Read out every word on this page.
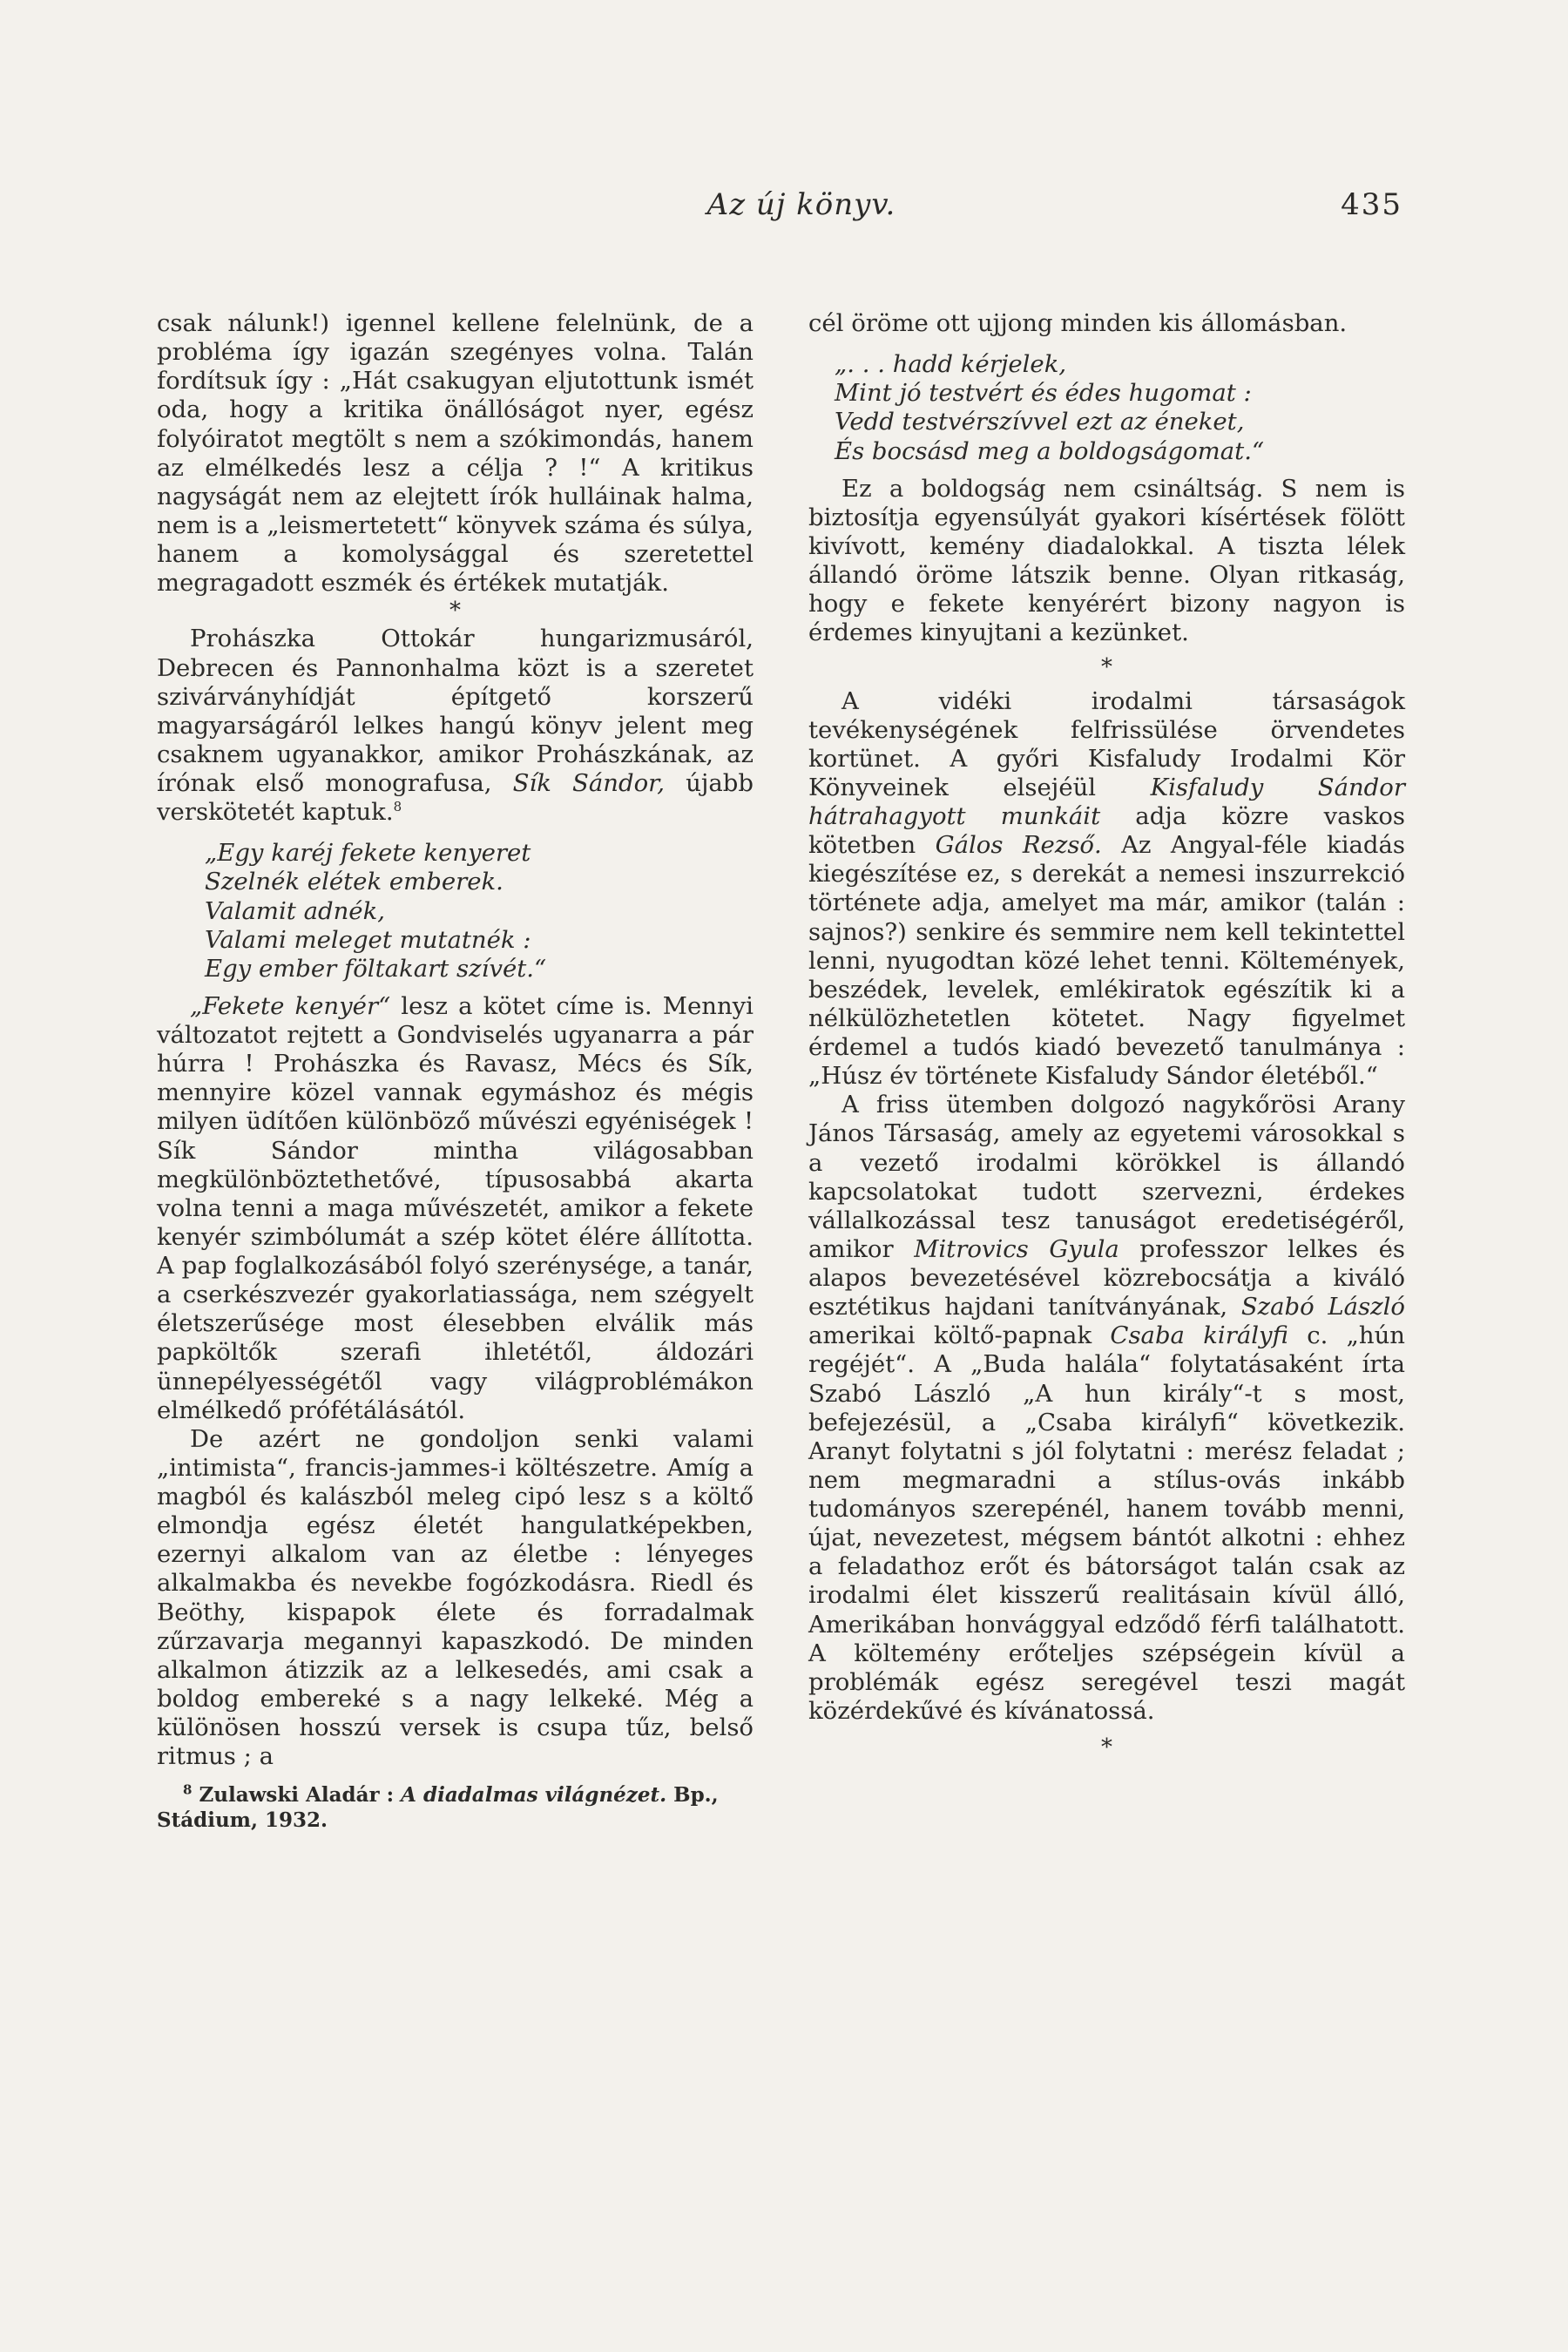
Az új könyv.	435

csak nálunk!) igennel kellene felelnünk, de a probléma így igazán szegényes volna. Talán fordítsuk így : „Hát csakugyan eljutottunk ismét oda, hogy a kritika önállóságot nyer, egész folyóiratot megtölt s nem a szókimondás, hanem az elmélkedés lesz a célja ? !“ A kritikus nagyságát nem az elejtett írók hulláinak halma, nem is a „leismertetett“ könyvek száma és súlya, hanem a komolysággal és szeretettel megragadott eszmék és értékek mutatják.

*

Prohászka Ottokár hungarizmusáról, Debrecen és Pannonhalma közt is a szeretet szivárványhídját építgető korszerű magyarságáról lelkes hangú könyv jelent meg csaknem ugyanakkor, amikor Prohászkának, az írónak első monografusa, Sík Sándor, újabb verskötetét kaptuk.$^8$

„Egy karéj fekete kenyeret
Szelnék elétek emberek.
Valamit adnék,
Valami meleget mutatnék :
Egy ember föltakart szívét.“

„Fekete kenyér“ lesz a kötet címe is. Mennyi változatot rejtett a Gondviselés ugyanarra a pár húrra ! Prohászka és Ravasz, Mécs és Sík, mennyire közel vannak egymáshoz és mégis milyen üdítően különböző művészi egyéniségek ! Sík Sándor mintha világosabban megkülönböztethetővé, típusosabbá akarta volna tenni a maga művészetét, amikor a fekete kenyér szimbólumát a szép kötet élére állította. A pap foglalkozásából folyó szerénysége, a tanár, a cserkészvezér gyakorlatiassága, nem szégyelt életszerűsége most élesebben elválik más papköltők szerafi ihletétől, áldozári ünnepélyességétől vagy világproblémákon elmélkedő prófétálásától.

De azért ne gondoljon senki valami „intimista“, francis-jammes-i költészetre. Amíg a magból és kalászból meleg cipó lesz s a költő elmondja egész életét hangulatképekben, ezernyi alkalom van az életbe : lényeges alkalmakba és nevekbe fogózkodásra. Riedl és Beöthy, kispapok élete és forradalmak zűrzavarja megannyi kapaszkodó. De minden alkalmon átizzik az a lelkesedés, ami csak a boldog embereké s a nagy lelkeké. Még a különösen hosszú versek is csupa tűz, belső ritmus ; a

$^8$ Zulawski Aladár : A diadalmas világnézet. Bp., Stádium, 1932.

cél öröme ott ujjong minden kis állomásban.

„. . . hadd kérjelek,
Mint jó testvért és édes hugomat :
Vedd testvérszívvel ezt az éneket,
És bocsásd meg a boldogságomat.“

Ez a boldogság nem csináltság. S nem is biztosítja egyensúlyát gyakori kísértések fölött kivívott, kemény diadalokkal. A tiszta lélek állandó öröme látszik benne. Olyan ritkaság, hogy e fekete kenyérért bizony nagyon is érdemes kinyujtani a kezünket.

*

A vidéki irodalmi társaságok tevékenységének felfrissülése örvendetes kortünet. A győri Kisfaludy Irodalmi Kör Könyveinek elsejéül Kisfaludy Sándor hátrahagyott munkáit adja közre vaskos kötetben Gálos Rezső. Az Angyal-féle kiadás kiegészítése ez, s derekát a nemesi inszurrekció története adja, amelyet ma már, amikor (talán : sajnos?) senkire és semmire nem kell tekintettel lenni, nyugodtan közé lehet tenni. Költemények, beszédek, levelek, emlékiratok egészítik ki a nélkülözhetetlen kötetet. Nagy figyelmet érdemel a tudós kiadó bevezető tanulmánya : „Húsz év története Kisfaludy Sándor életéből.“

A friss ütemben dolgozó nagykőrösi Arany János Társaság, amely az egyetemi városokkal s a vezető irodalmi körökkel is állandó kapcsolatokat tudott szervezni, érdekes vállalkozással tesz tanuságot eredetiségéről, amikor Mitrovics Gyula professzor lelkes és alapos bevezetésével közrebocsátja a kiváló esztétikus hajdani tanítványának, Szabó László amerikai költő-papnak Csaba királyfi c. „hún regéjét“. A „Buda halála“ folytatásaként írta Szabó László „A hun király“-t s most, befejezésül, a „Csaba királyfi“ következik. Aranyt folytatni s jól folytatni : merész feladat ; nem megmaradni a stílus-ovás inkább tudományos szerepénél, hanem tovább menni, újat, nevezetest, mégsem bántót alkotni : ehhez a feladathoz erőt és bátorságot talán csak az irodalmi élet kisszerű realitásain kívül álló, Amerikában honvággyal edződő férfi találhatott. A költemény erőteljes szépségein kívül a problémák egész seregével teszi magát közérdekűvé és kívánatossá.

*
